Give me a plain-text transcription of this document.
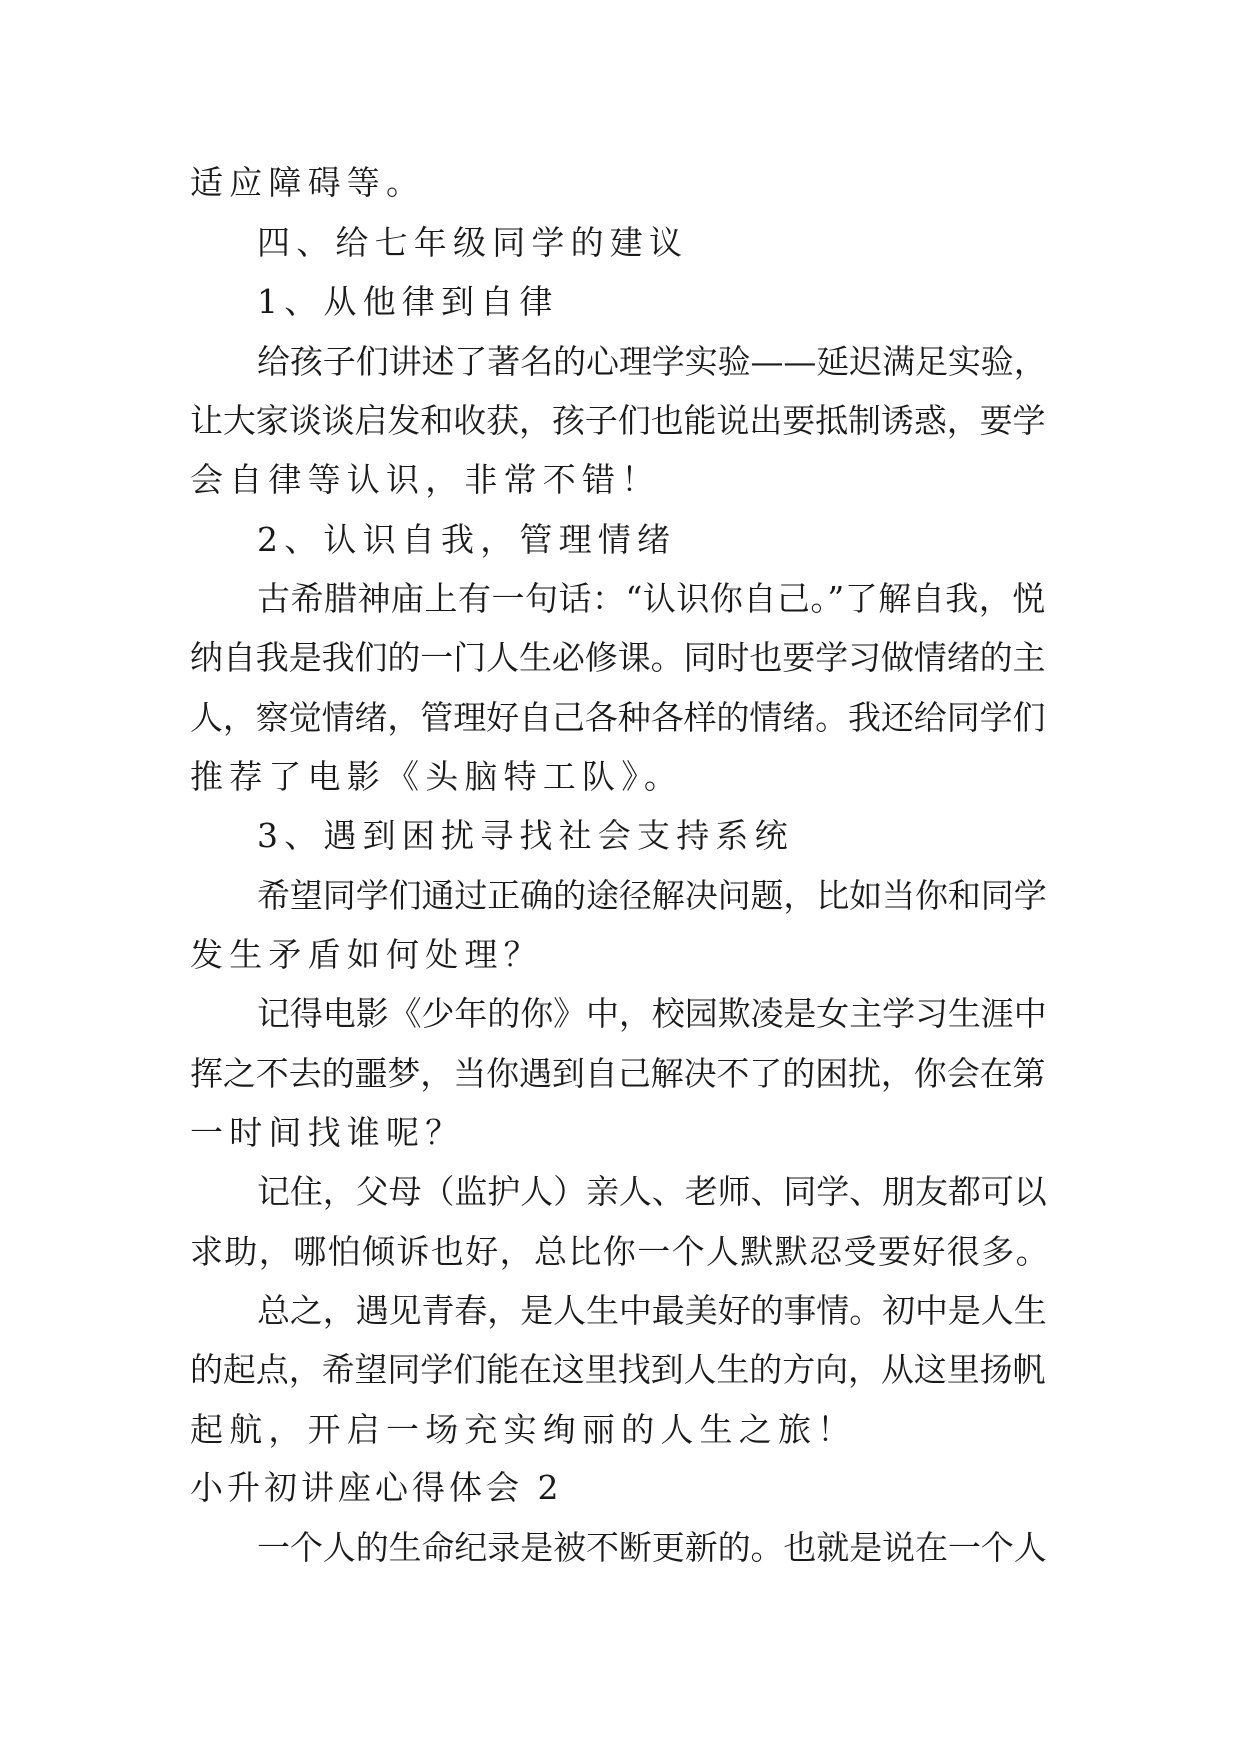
适应障碍等。
四、给七年级同学的建议
1、从他律到自律
给孩子们讲述了著名的心理学实验——延迟满足实验，
让大家谈谈启发和收获，孩子们也能说出要抵制诱惑，要学
会自律等认识，非常不错！
2、认识自我，管理情绪
古希腊神庙上有一句话：“认识你自己。”了解自我，悦
纳自我是我们的一门人生必修课。同时也要学习做情绪的主
人，察觉情绪，管理好自己各种各样的情绪。我还给同学们
推荐了电影《头脑特工队》。
3、遇到困扰寻找社会支持系统
希望同学们通过正确的途径解决问题，比如当你和同学
发生矛盾如何处理？
记得电影《少年的你》中，校园欺凌是女主学习生涯中
挥之不去的噩梦，当你遇到自己解决不了的困扰，你会在第
一时间找谁呢？
记住，父母（监护人）亲人、老师、同学、朋友都可以
求助，哪怕倾诉也好，总比你一个人默默忍受要好很多。
总之，遇见青春，是人生中最美好的事情。初中是人生
的起点，希望同学们能在这里找到人生的方向，从这里扬帆
起航，开启一场充实绚丽的人生之旅！
小升初讲座心得体会 2
一个人的生命纪录是被不断更新的。也就是说在一个人
